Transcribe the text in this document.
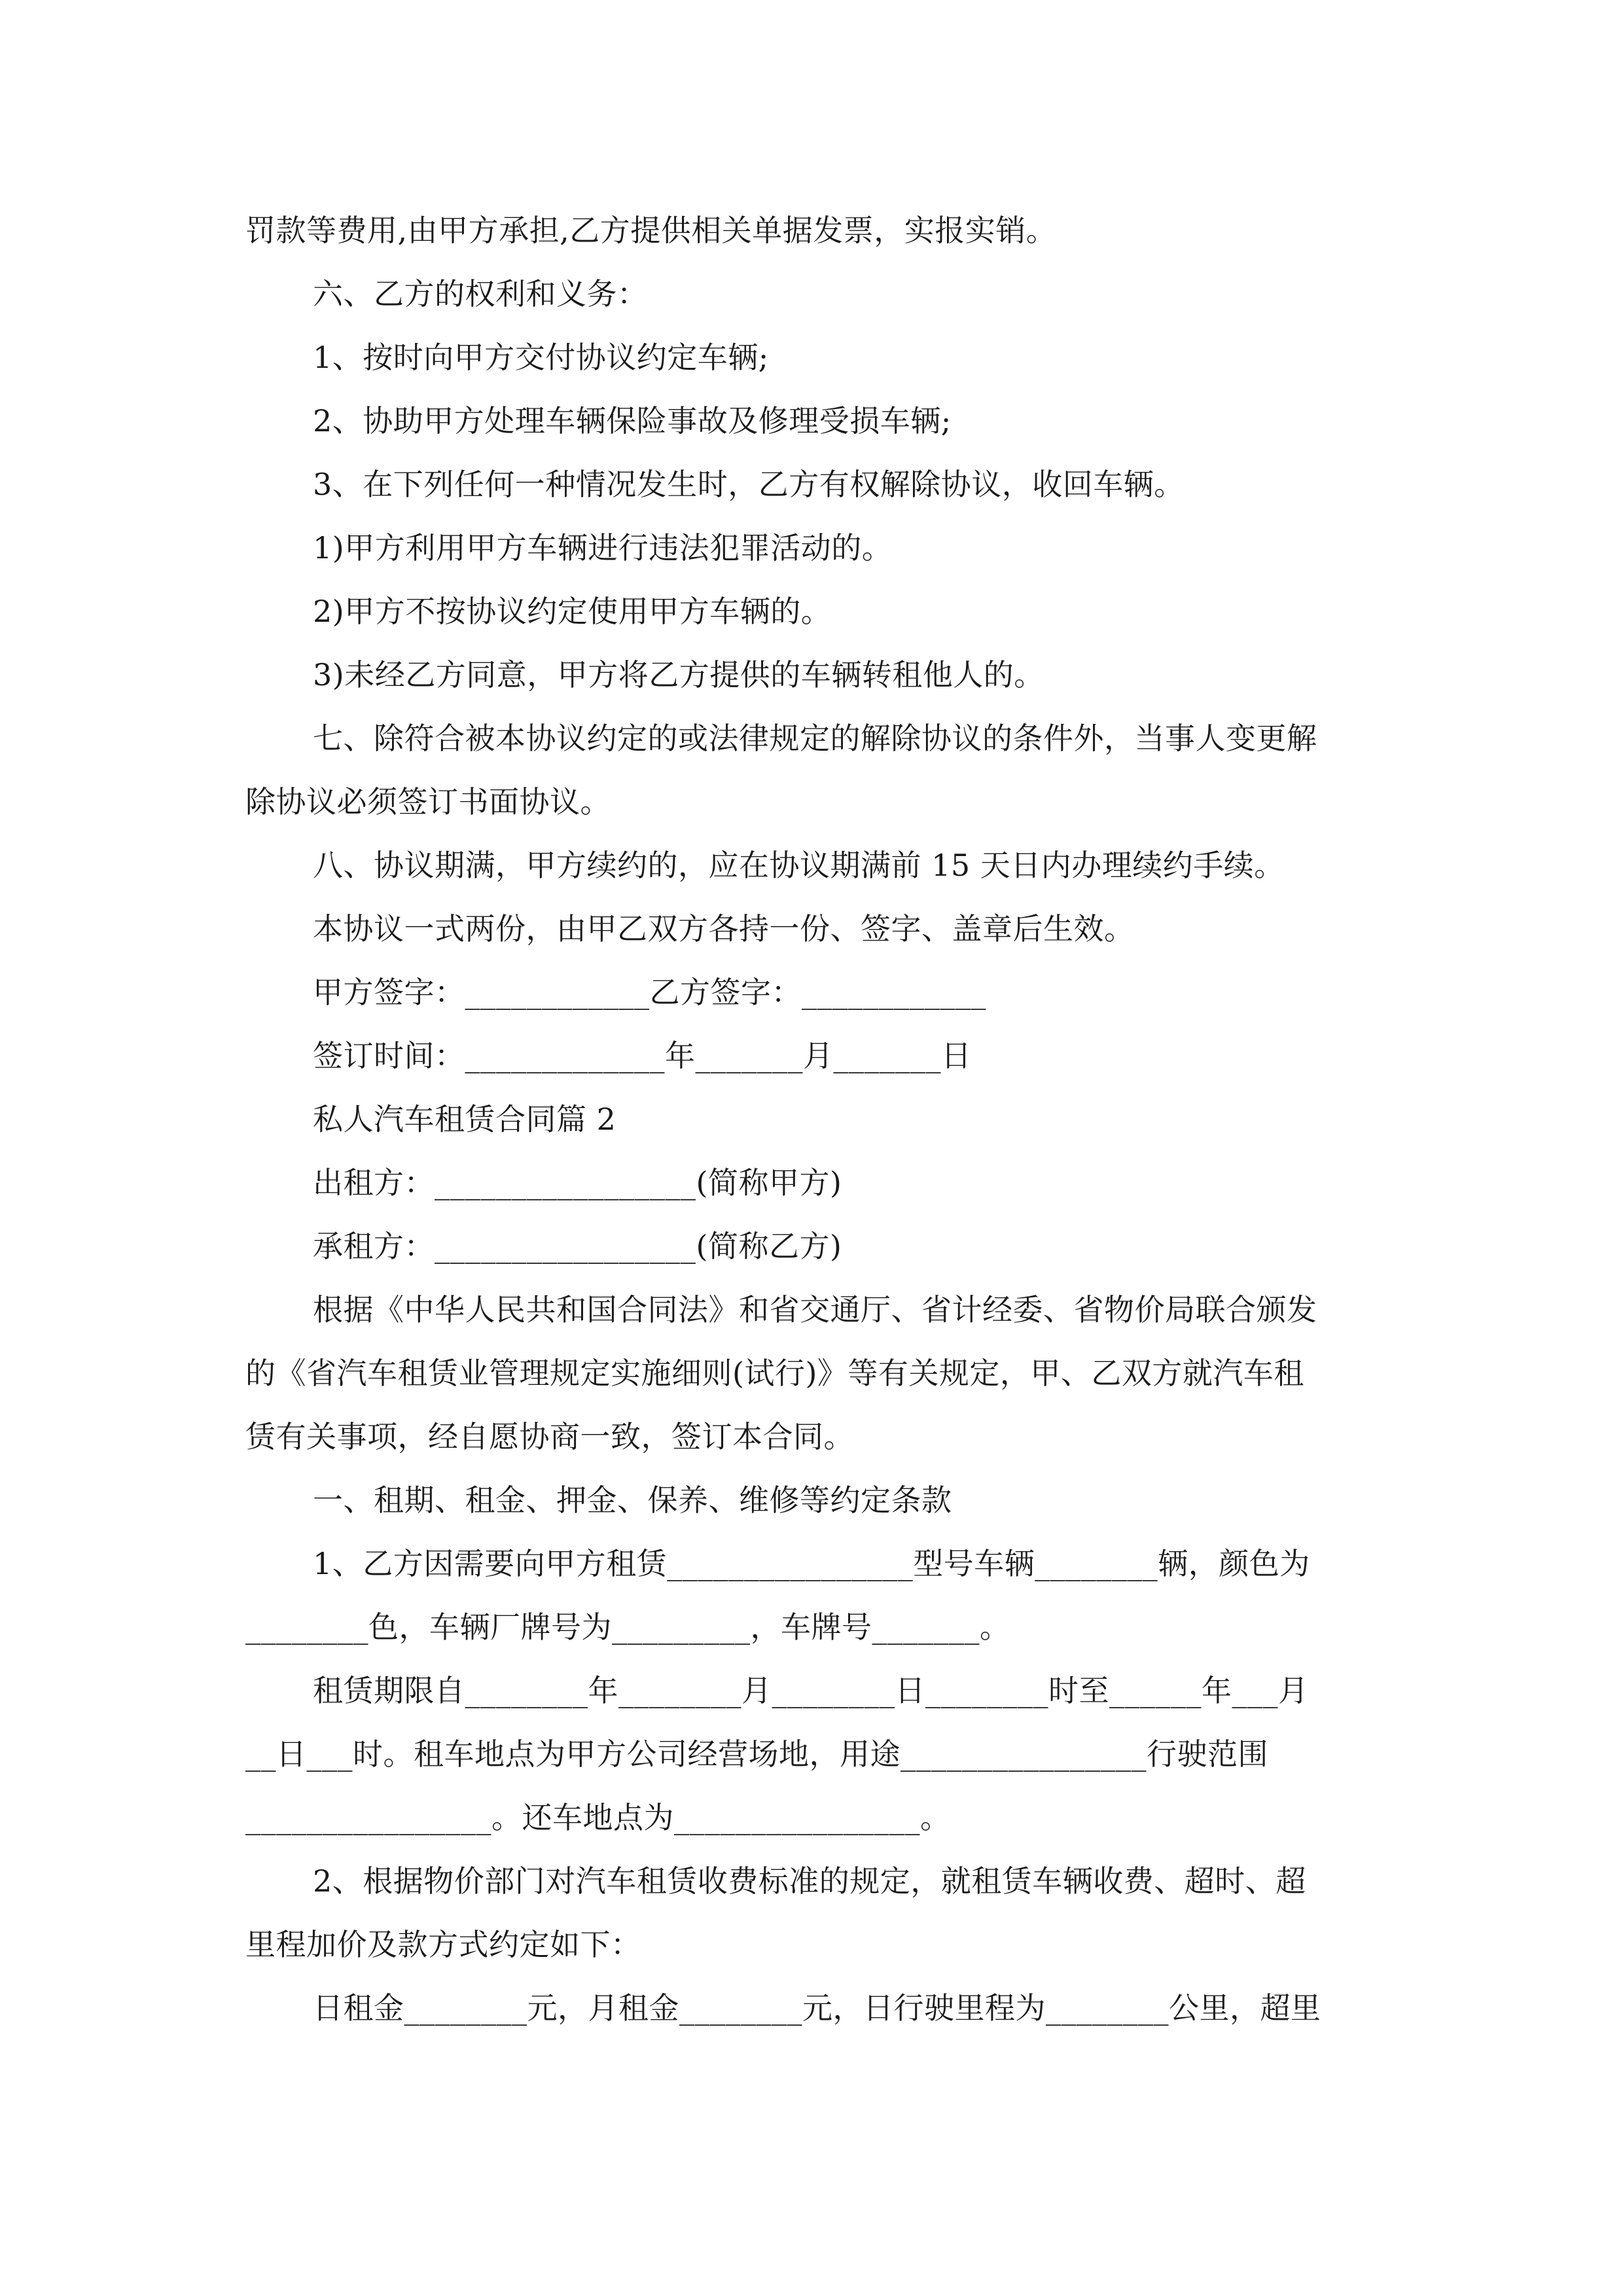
罚款等费用,由甲方承担,乙方提供相关单据发票，实报实销。
六、乙方的权利和义务：
1、按时向甲方交付协议约定车辆;
2、协助甲方处理车辆保险事故及修理受损车辆;
3、在下列任何一种情况发生时，乙方有权解除协议，收回车辆。
1)甲方利用甲方车辆进行违法犯罪活动的。
2)甲方不按协议约定使用甲方车辆的。
3)未经乙方同意，甲方将乙方提供的车辆转租他人的。
七、除符合被本协议约定的或法律规定的解除协议的条件外，当事人变更解
除协议必须签订书面协议。
八、协议期满，甲方续约的，应在协议期满前 15 天日内办理续约手续。
本协议一式两份，由甲乙双方各持一份、签字、盖章后生效。
甲方签字：____________乙方签字：____________
签订时间：_____________年_______月_______日
私人汽车租赁合同篇 2
出租方：_________________(简称甲方)
承租方：_________________(简称乙方)
根据《中华人民共和国合同法》和省交通厅、省计经委、省物价局联合颁发
的《省汽车租赁业管理规定实施细则(试行)》等有关规定，甲、乙双方就汽车租
赁有关事项，经自愿协商一致，签订本合同。
一、租期、租金、押金、保养、维修等约定条款
1、乙方因需要向甲方租赁________________型号车辆________辆，颜色为
________色，车辆厂牌号为_________，车牌号_______。
租赁期限自________年________月________日________时至______年___月
__日___时。租车地点为甲方公司经营场地，用途________________行驶范围
________________。还车地点为________________。
2、根据物价部门对汽车租赁收费标准的规定，就租赁车辆收费、超时、超
里程加价及款方式约定如下：
日租金________元，月租金________元，日行驶里程为________公里，超里
